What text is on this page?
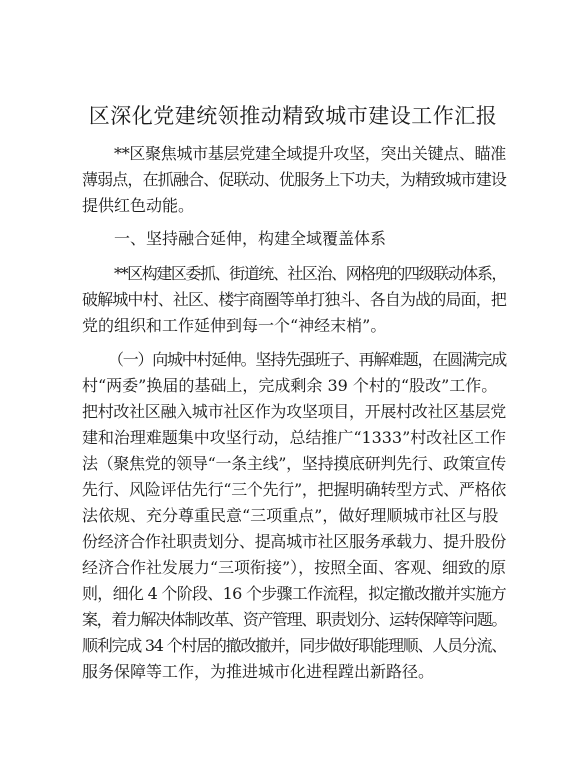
区深化党建统领推动精致城市建设工作汇报
**区聚焦城市基层党建全域提升攻坚，突出关键点、瞄准
薄弱点，在抓融合、促联动、优服务上下功夫，为精致城市建设
提供红色动能。
一、坚持融合延伸，构建全域覆盖体系
**区构建区委抓、街道统、社区治、网格兜的四级联动体系，
破解城中村、社区、楼宇商圈等单打独斗、各自为战的局面，把
党的组织和工作延伸到每一个“神经末梢”。
（一）向城中村延伸。坚持先强班子、再解难题，在圆满完成
村“两委”换届的基础上，完成剩余 39 个村的“股改”工作。
把村改社区融入城市社区作为攻坚项目，开展村改社区基层党
建和治理难题集中攻坚行动，总结推广“1333”村改社区工作
法（聚焦党的领导“一条主线”，坚持摸底研判先行、政策宣传
先行、风险评估先行“三个先行”，把握明确转型方式、严格依
法依规、充分尊重民意“三项重点”，做好理顺城市社区与股
份经济合作社职责划分、提高城市社区服务承载力、提升股份
经济合作社发展力“三项衔接”），按照全面、客观、细致的原
则，细化 4 个阶段、16 个步骤工作流程，拟定撤改撤并实施方
案，着力解决体制改革、资产管理、职责划分、运转保障等问题。
顺利完成 34 个村居的撤改撤并，同步做好职能理顺、人员分流、
服务保障等工作，为推进城市化进程蹚出新路径。
